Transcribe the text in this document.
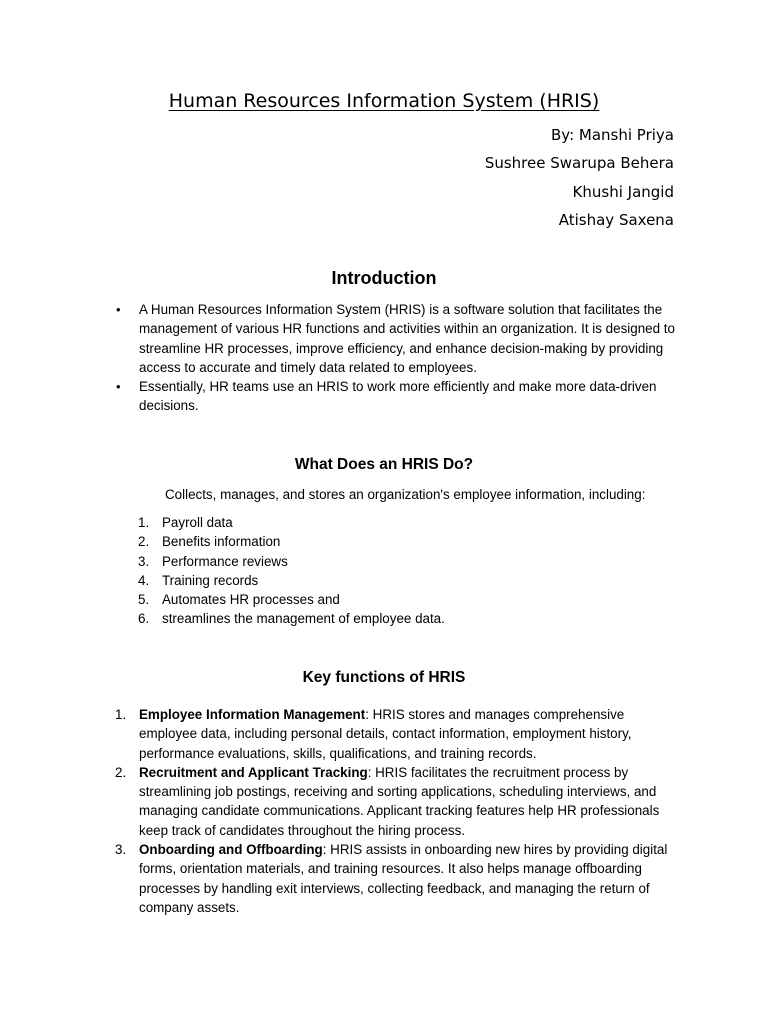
Human Resources Information System (HRIS)
By: Manshi Priya
Sushree Swarupa Behera
Khushi Jangid
Atishay Saxena
Introduction
• A Human Resources Information System (HRIS) is a software solution that facilitates the management of various HR functions and activities within an organization. It is designed to streamline HR processes, improve efficiency, and enhance decision-making by providing access to accurate and timely data related to employees.
• Essentially, HR teams use an HRIS to work more efficiently and make more data-driven decisions.
What Does an HRIS Do?
Collects, manages, and stores an organization's employee information, including:
1. Payroll data
2. Benefits information
3. Performance reviews
4. Training records
5. Automates HR processes and
6. streamlines the management of employee data.
Key functions of HRIS
1. Employee Information Management: HRIS stores and manages comprehensive employee data, including personal details, contact information, employment history, performance evaluations, skills, qualifications, and training records.
2. Recruitment and Applicant Tracking: HRIS facilitates the recruitment process by streamlining job postings, receiving and sorting applications, scheduling interviews, and managing candidate communications. Applicant tracking features help HR professionals keep track of candidates throughout the hiring process.
3. Onboarding and Offboarding: HRIS assists in onboarding new hires by providing digital forms, orientation materials, and training resources. It also helps manage offboarding processes by handling exit interviews, collecting feedback, and managing the return of company assets.
